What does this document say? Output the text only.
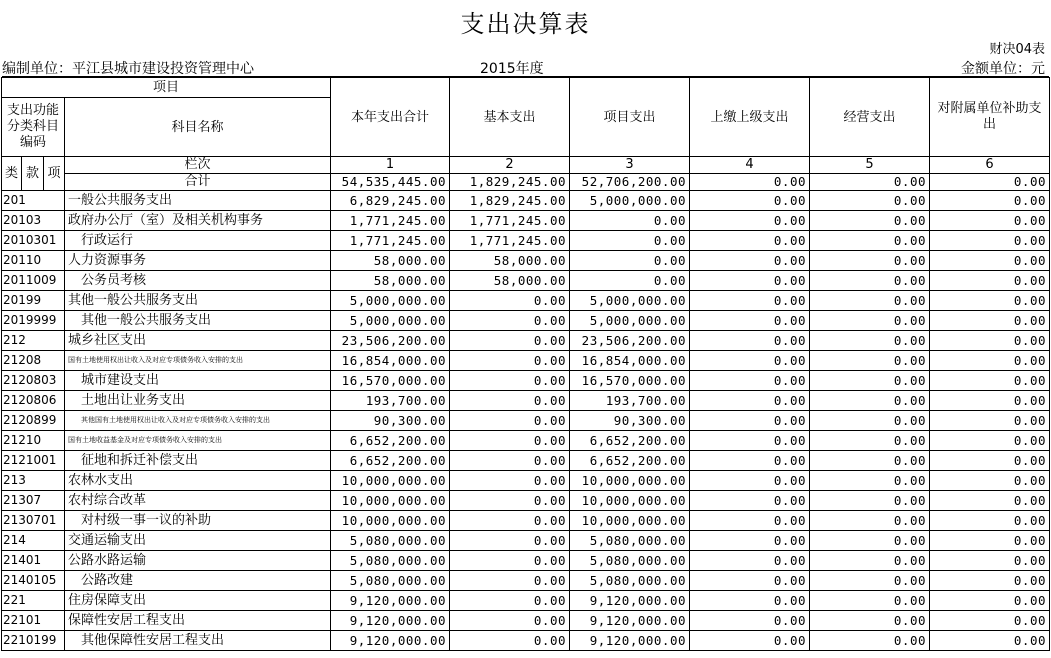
支出决算表
财决04表
编制单位：平江县城市建设投资管理中心	2015年度	金额单位：元
项目				本年支出合计	基本支出	项目支出	上缴上级支出	经营支出	对附属单位补助支出
支出功能分类科目编码			科目名称						

类	款	项	栏次	1	2	3	4	5	6
			合计	54,535,445.00	1,829,245.00	52,706,200.00	0.00	0.00	0.00
201			一般公共服务支出	6,829,245.00	1,829,245.00	5,000,000.00	0.00	0.00	0.00
20103			政府办公厅（室）及相关机构事务	1,771,245.00	1,771,245.00	0.00	0.00	0.00	0.00
2010301			行政运行	1,771,245.00	1,771,245.00	0.00	0.00	0.00	0.00
20110			人力资源事务	58,000.00	58,000.00	0.00	0.00	0.00	0.00
2011009			公务员考核	58,000.00	58,000.00	0.00	0.00	0.00	0.00
20199			其他一般公共服务支出	5,000,000.00	0.00	5,000,000.00	0.00	0.00	0.00
2019999			其他一般公共服务支出	5,000,000.00	0.00	5,000,000.00	0.00	0.00	0.00
212			城乡社区支出	23,506,200.00	0.00	23,506,200.00	0.00	0.00	0.00
21208			国有土地使用权出让收入及对应专项债务收入安排的支出	16,854,000.00	0.00	16,854,000.00	0.00	0.00	0.00
2120803			城市建设支出	16,570,000.00	0.00	16,570,000.00	0.00	0.00	0.00
2120806			土地出让业务支出	193,700.00	0.00	193,700.00	0.00	0.00	0.00
2120899			其他国有土地使用权出让收入及对应专项债务收入安排的支出	90,300.00	0.00	90,300.00	0.00	0.00	0.00
21210			国有土地收益基金及对应专项债务收入安排的支出	6,652,200.00	0.00	6,652,200.00	0.00	0.00	0.00
2121001			征地和拆迁补偿支出	6,652,200.00	0.00	6,652,200.00	0.00	0.00	0.00
213			农林水支出	10,000,000.00	0.00	10,000,000.00	0.00	0.00	0.00
21307			农村综合改革	10,000,000.00	0.00	10,000,000.00	0.00	0.00	0.00
2130701			对村级一事一议的补助	10,000,000.00	0.00	10,000,000.00	0.00	0.00	0.00
214			交通运输支出	5,080,000.00	0.00	5,080,000.00	0.00	0.00	0.00
21401			公路水路运输	5,080,000.00	0.00	5,080,000.00	0.00	0.00	0.00
2140105			公路改建	5,080,000.00	0.00	5,080,000.00	0.00	0.00	0.00
221			住房保障支出	9,120,000.00	0.00	9,120,000.00	0.00	0.00	0.00
22101			保障性安居工程支出	9,120,000.00	0.00	9,120,000.00	0.00	0.00	0.00
2210199			其他保障性安居工程支出	9,120,000.00	0.00	9,120,000.00	0.00	0.00	0.00
